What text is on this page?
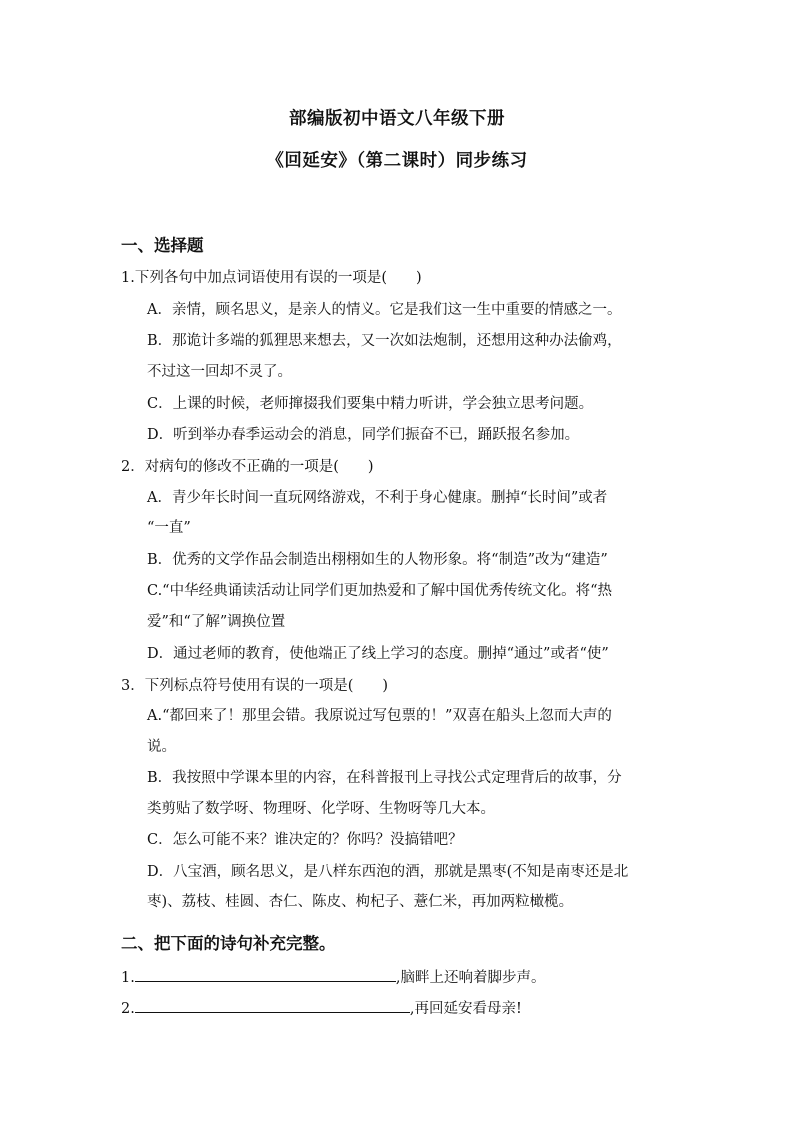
部编版初中语文八年级下册
《回延安》（第二课时）同步练习
一、选择题
1.下列各句中加点词语使用有误的一项是(　　)
A．亲情，顾名思义，是亲人的情义。它是我们这一生中重要的情感之一。
B．那诡计多端的狐狸思来想去，又一次如法炮制，还想用这种办法偷鸡，
不过这一回却不灵了。
C．上课的时候，老师撺掇我们要集中精力听讲，学会独立思考问题。
D．听到举办春季运动会的消息，同学们振奋不已，踊跃报名参加。
2．对病句的修改不正确的一项是(　　)
A．青少年长时间一直玩网络游戏，不利于身心健康。删掉“长时间”或者
“一直”
B．优秀的文学作品会制造出栩栩如生的人物形象。将“制造”改为“建造”
C.“中华经典诵读活动让同学们更加热爱和了解中国优秀传统文化。将“热
爱”和“了解”调换位置
D．通过老师的教育，使他端正了线上学习的态度。删掉“通过”或者“使”
3．下列标点符号使用有误的一项是(　　)
A.“都回来了！那里会错。我原说过写包票的！”双喜在船头上忽而大声的
说。
B．我按照中学课本里的内容，在科普报刊上寻找公式定理背后的故事，分
类剪贴了数学呀、物理呀、化学呀、生物呀等几大本。
C．怎么可能不来？谁决定的？你吗？没搞错吧？
D．八宝酒，顾名思义，是八样东西泡的酒，那就是黑枣(不知是南枣还是北
枣)、荔枝、桂圆、杏仁、陈皮、枸杞子、薏仁米，再加两粒橄榄。
二、把下面的诗句补充完整。
1.	,脑畔上还响着脚步声。
2.	,再回延安看母亲!
